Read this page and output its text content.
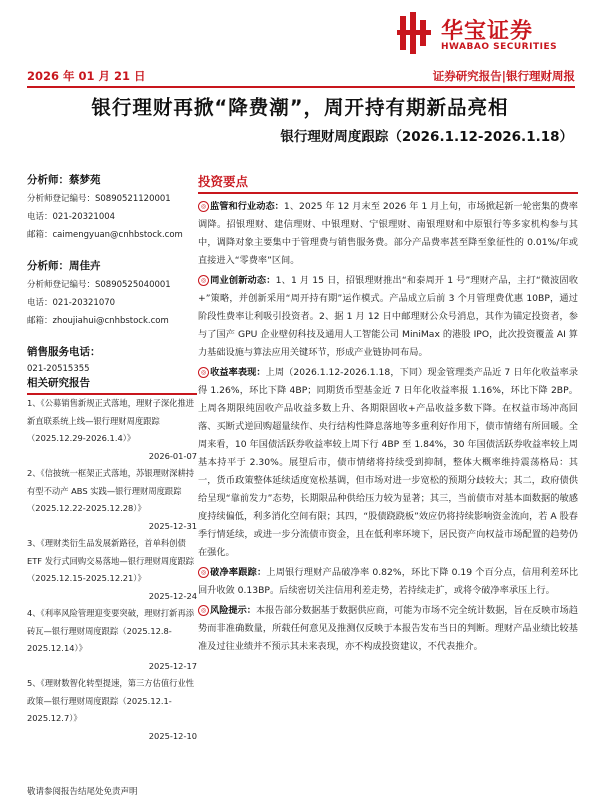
华宝证券
HWABAO SECURITIES
2026 年 01 月 21 日	证券研究报告|银行理财周报
银行理财再掀“降费潮”，周开持有期新品亮相
银行理财周度跟踪（2026.1.12-2026.1.18）
分析师：蔡梦苑
分析师登记编号：S0890521120001
电话：021-20321004
邮箱：caimengyuan@cnhbstock.com
分析师：周佳卉
分析师登记编号：S0890525040001
电话：021-20321070
邮箱：zhoujiahui@cnhbstock.com
销售服务电话：
021-20515355
相关研究报告
1、《公募销售新规正式落地，理财子深化推进新直联系统上线—银行理财周度跟踪（2025.12.29-2026.1.4）》
2026-01-07
2、《信披统一框架正式落地，苏银理财深耕持有型不动产 ABS 实践—银行理财周度跟踪（2025.12.22-2025.12.28）》
2025-12-31
3、《理财类衍生品发展新路径，首单科创债 ETF 发行式回购交易落地—银行理财周度跟踪（2025.12.15-2025.12.21）》
2025-12-24
4、《利率风险管理迎变要突破，理财打新再添砖瓦—银行理财周度跟踪（2025.12.8-2025.12.14）》
2025-12-17
5、《理财数智化转型提速，第三方估值行业性政策—银行理财周度跟踪（2025.12.1-2025.12.7）》
2025-12-10
投资要点
◎ 监管和行业动态：1、2025 年 12 月末至 2026 年 1 月上旬，市场掀起新一轮密集的费率调降。招银理财、建信理财、中银理财、宁银理财、南银理财和中原银行等多家机构参与其中，调降对象主要集中于管理费与销售服务费。部分产品费率甚至降至象征性的 0.01%/年或直接进入“零费率”区间。
◎ 同业创新动态：1、1 月 15 日，招银理财推出“和泰周开 1 号”理财产品，主打“微波固收+”策略，并创新采用“周开持有期”运作模式。产品成立后前 3 个月管理费优惠 10BP，通过阶段性费率让利吸引投资者。2、据 1 月 12 日中邮理财公众号消息，其作为锚定投资者，参与了国产 GPU 企业壁仞科技及通用人工智能公司 MiniMax 的港股 IPO，此次投资覆盖 AI 算力基础设施与算法应用关键环节，形成产业链协同布局。
◎ 收益率表现：上周（2026.1.12-2026.1.18，下同）现金管理类产品近 7 日年化收益率录得 1.26%，环比下降 4BP；同期货币型基金近 7 日年化收益率报 1.16%，环比下降 2BP。上周各期限纯固收产品收益多数上升、各期限固收+产品收益多数下降。在权益市场冲高回落、买断式逆回购超量续作、央行结构性降息落地等多重利好作用下，债市情绪有所回暖。全周来看，10 年国债活跃券收益率较上周下行 4BP 至 1.84%，30 年国债活跃券收益率较上周基本持平于 2.30%。展望后市，债市情绪将持续受到抑制，整体大概率维持震荡格局：其一，货币政策整体延续适度宽松基调，但市场对进一步宽松的预期分歧较大；其二，政府债供给呈现“靠前发力”态势，长期限品种供给压力较为显著；其三，当前债市对基本面数据的敏感度持续偏低，利多消化空间有限；其四，“股债跷跷板”效应仍将持续影响资金流向，若 A 股春季行情延续，或进一步分流债市资金，且在低利率环境下，居民资产向权益市场配置的趋势仍在强化。
◎ 破净率跟踪：上周银行理财产品破净率 0.82%，环比下降 0.19 个百分点，信用利差环比回升收敛 0.13BP。后续密切关注信用利差走势，若持续走扩，或将令破净率承压上行。
◎ 风险提示：本报告部分数据基于数据供应商，可能为市场不完全统计数据，旨在反映市场趋势而非准确数量，所载任何意见及推测仅反映于本报告发布当日的判断。理财产品业绩比较基准及过往业绩并不预示其未来表现，亦不构成投资建议，不代表推介。
敬请参阅报告结尾处免责声明
